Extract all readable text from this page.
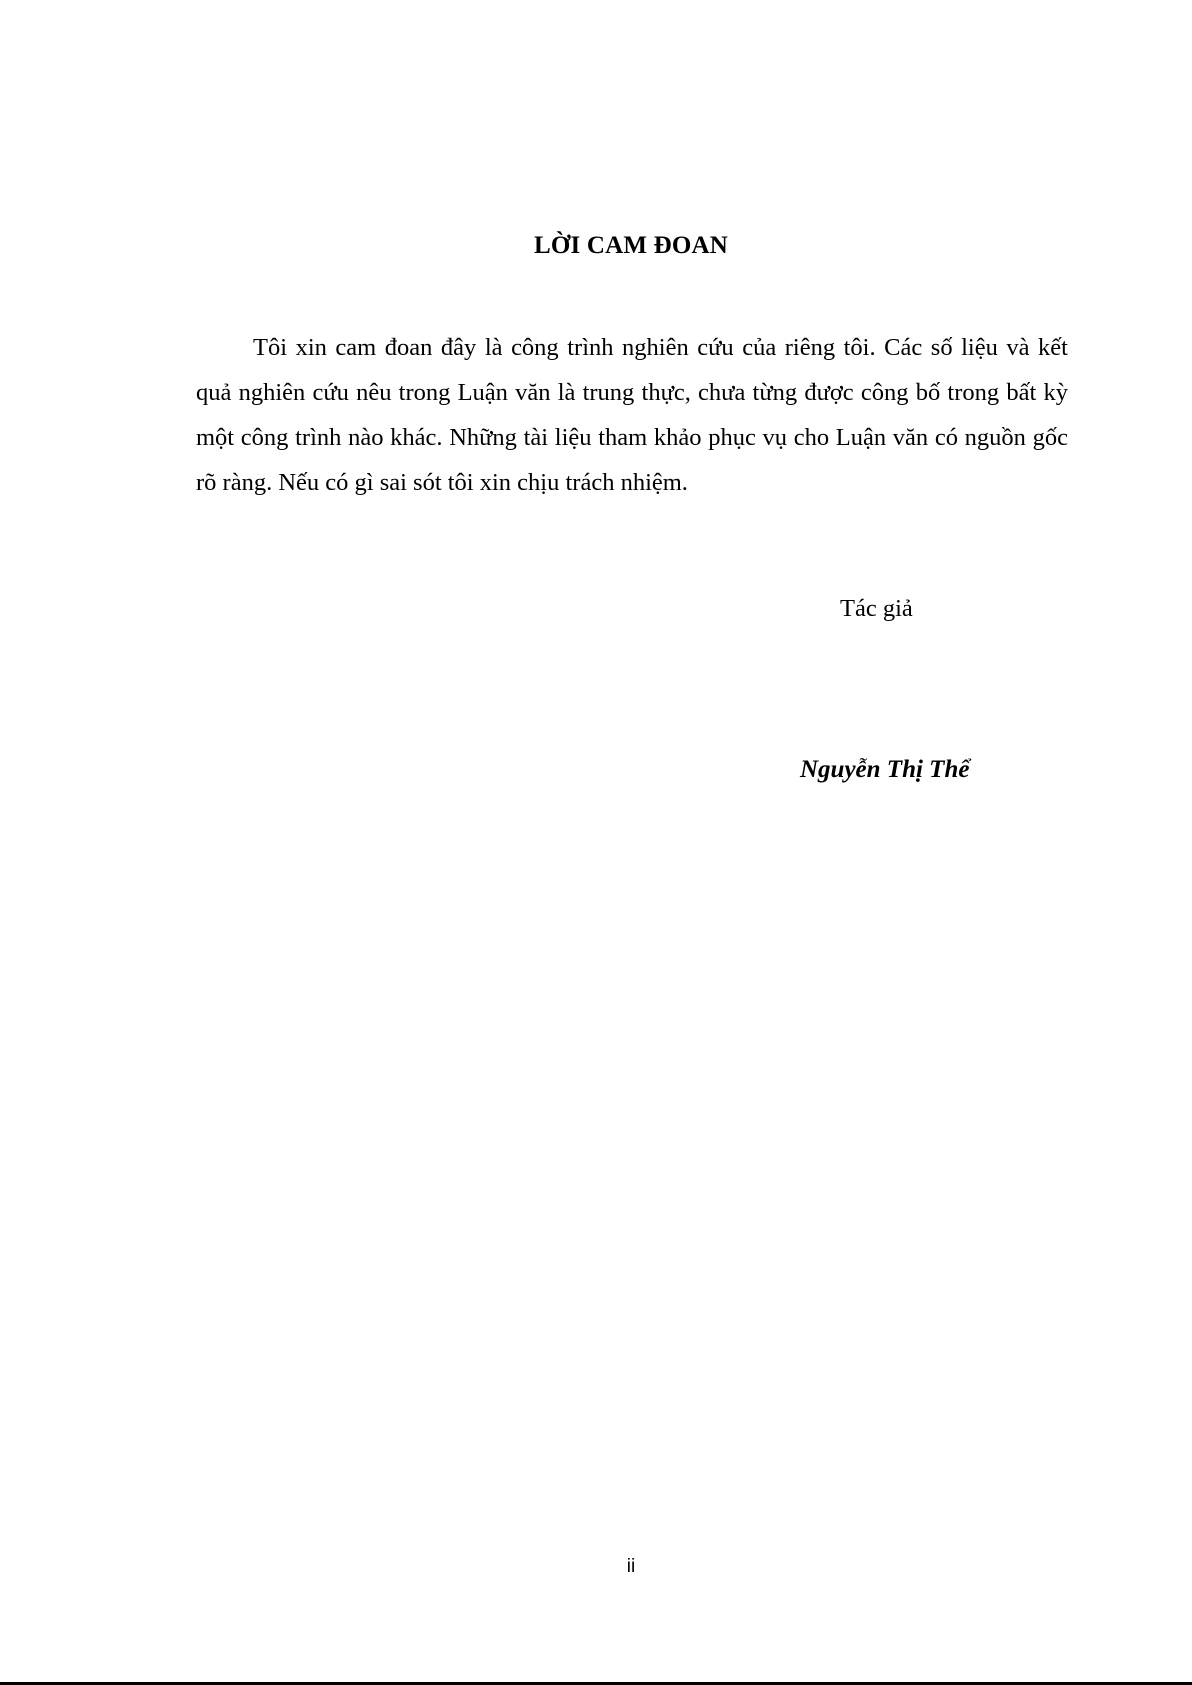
LỜI CAM ĐOAN

Tôi xin cam đoan đây là công trình nghiên cứu của riêng tôi. Các số liệu và kết quả nghiên cứu nêu trong Luận văn là trung thực, chưa từng được công bố trong bất kỳ một công trình nào khác. Những tài liệu tham khảo phục vụ cho Luận văn có nguồn gốc rõ ràng. Nếu có gì sai sót tôi xin chịu trách nhiệm.

Tác giả
Nguyễn Thị Thể
ii
